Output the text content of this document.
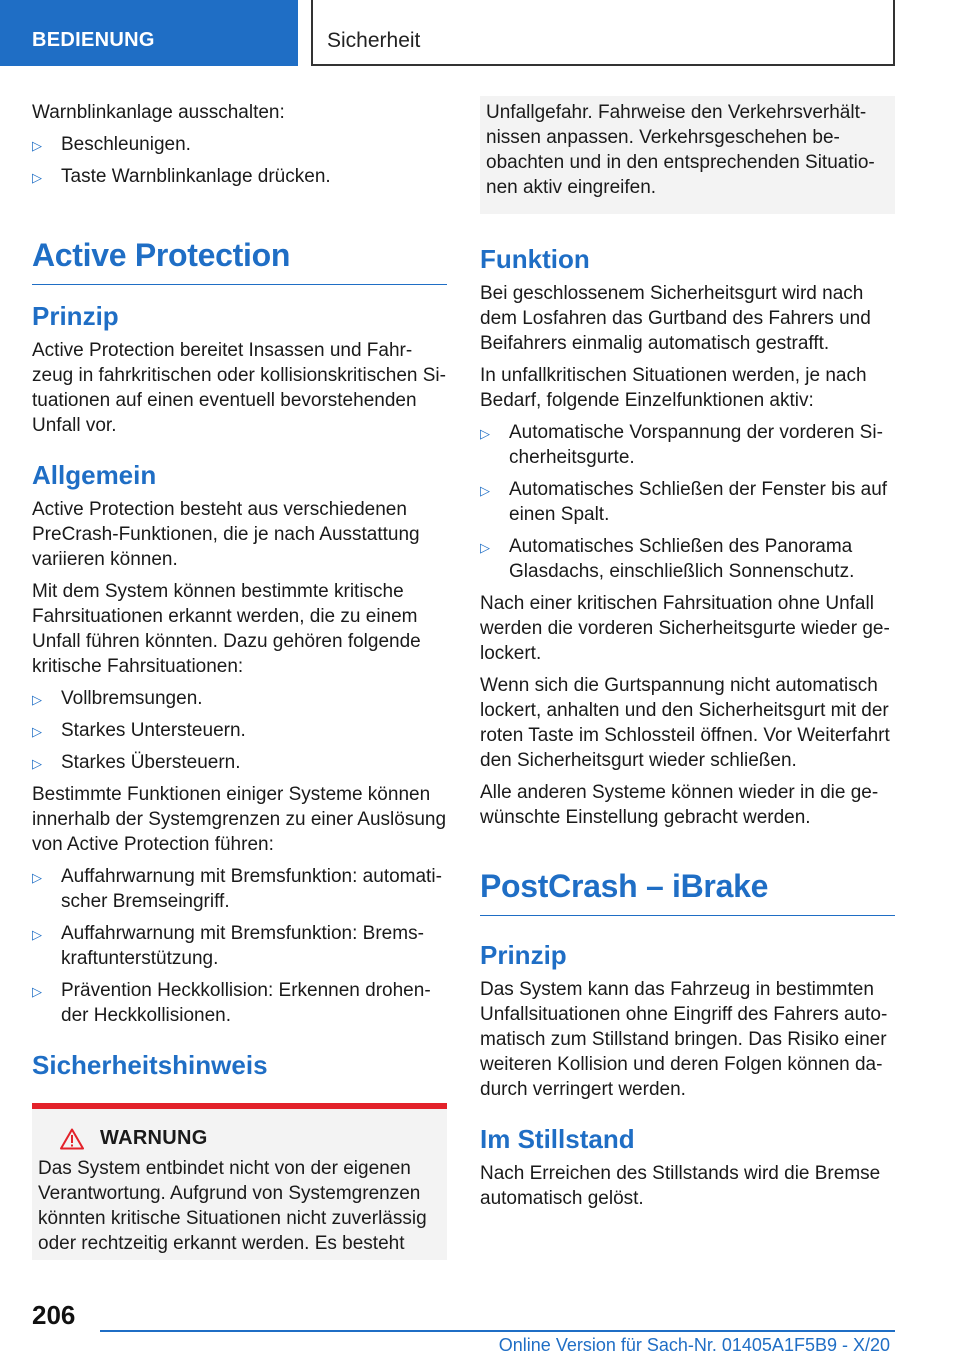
BEDIENUNG	Sicherheit

Warnblinkanlage ausschalten:

▷ Beschleunigen.
▷ Taste Warnblinkanlage drücken.
Active Protection
Prinzip

Active Protection bereitet Insassen und Fahrzeug in fahrkritischen oder kollisionskritischen Situationen auf einen eventuell bevorstehenden Unfall vor.

Allgemein

Active Protection besteht aus verschiedenen PreCrash-Funktionen, die je nach Ausstattung variieren können.

Mit dem System können bestimmte kritische Fahrsituationen erkannt werden, die zu einem Unfall führen könnten. Dazu gehören folgende kritische Fahrsituationen:

▷ Vollbremsungen.
▷ Starkes Untersteuern.
▷ Starkes Übersteuern.

Bestimmte Funktionen einiger Systeme können innerhalb der Systemgrenzen zu einer Auslösung von Active Protection führen:

▷ Auffahrwarnung mit Bremsfunktion: automatischer Bremseingriff.
▷ Auffahrwarnung mit Bremsfunktion: Bremskraftunterstützung.
▷ Prävention Heckkollision: Erkennen drohender Heckkollisionen.
Sicherheitshinweis
WARNUNG

Das System entbindet nicht von der eigenen Verantwortung. Aufgrund von Systemgrenzen könnten kritische Situationen nicht zuverlässig oder rechtzeitig erkannt werden. Es besteht

Unfallgefahr. Fahrweise den Verkehrsverhältnissen anpassen. Verkehrsgeschehen beobachten und in den entsprechenden Situationen aktiv eingreifen.

Funktion

Bei geschlossenem Sicherheitsgurt wird nach dem Losfahren das Gurtband des Fahrers und Beifahrers einmalig automatisch gestrafft.

In unfallkritischen Situationen werden, je nach Bedarf, folgende Einzelfunktionen aktiv:

▷ Automatische Vorspannung der vorderen Sicherheitsgurte.
▷ Automatisches Schließen der Fenster bis auf einen Spalt.
▷ Automatisches Schließen des Panorama Glasdachs, einschließlich Sonnenschutz.

Nach einer kritischen Fahrsituation ohne Unfall werden die vorderen Sicherheitsgurte wieder gelockert.

Wenn sich die Gurtspannung nicht automatisch lockert, anhalten und den Sicherheitsgurt mit der roten Taste im Schlossteil öffnen. Vor Weiterfahrt den Sicherheitsgurt wieder schließen.

Alle anderen Systeme können wieder in die gewünschte Einstellung gebracht werden.

PostCrash – iBrake
Prinzip

Das System kann das Fahrzeug in bestimmten Unfallsituationen ohne Eingriff des Fahrers automatisch zum Stillstand bringen. Das Risiko einer weiteren Kollision und deren Folgen können dadurch verringert werden.

Im Stillstand

Nach Erreichen des Stillstands wird die Bremse automatisch gelöst.

206
Online Version für Sach-Nr. 01405A1F5B9 - X/20
